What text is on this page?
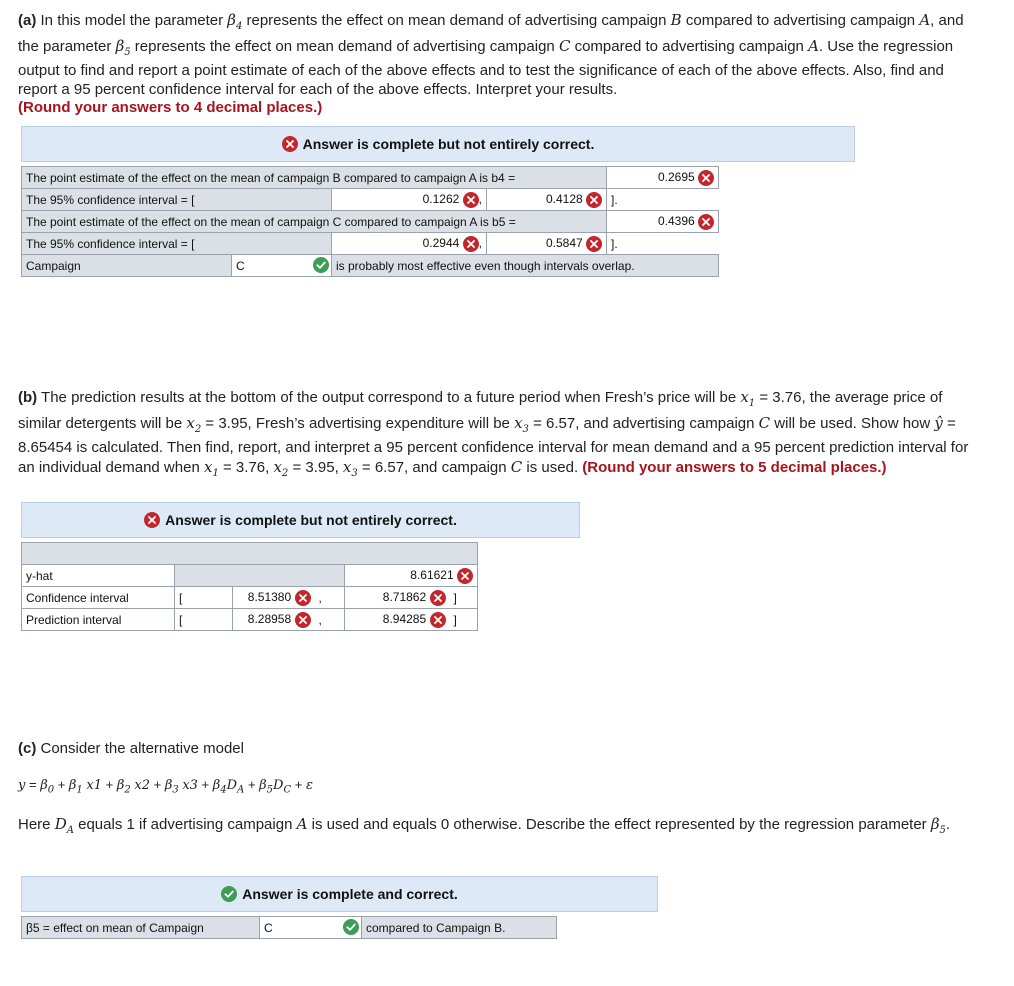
(a) In this model the parameter $\beta_4$ represents the effect on mean demand of advertising campaign B compared to advertising campaign A, and the parameter $\beta_5$ represents the effect on mean demand of advertising campaign C compared to advertising campaign A. Use the regression output to find and report a point estimate of each of the above effects and to test the significance of each of the above effects. Also, find and report a 95 percent confidence interval for each of the above effects. Interpret your results.
(Round your answers to 4 decimal places.)
Answer is complete but not entirely correct.
The point estimate of the effect on the mean of campaign B compared to campaign A is b4 =				0.2695

The 95% confidence interval = [		0.1262 ,	0.4128	].
The point estimate of the effect on the mean of campaign C compared to campaign A is b5 =				0.4396

The 95% confidence interval = [		0.2944 ,	0.5847	].
Campaign	C	is probably most effective even though intervals overlap.		
(b) The prediction results at the bottom of the output correspond to a future period when Fresh’s price will be $x_1 = 3.76$, the average price of similar detergents will be $x_2 = 3.95$, Fresh’s advertising expenditure will be $x_3 = 6.57$, and advertising campaign C will be used. Show how ŷ = 8.65454 is calculated. Then find, report, and interpret a 95 percent confidence interval for mean demand and a 95 percent prediction interval for an individual demand when $x_1 = 3.76$, $x_2 = 3.95$, $x_3 = 6.57$, and campaign C is used. (Round your answers to 5 decimal places.)
Answer is complete but not entirely correct.

y-hat				8.61621	

Confidence interval	[	8.51380	,	8.71862	]
Prediction interval	[	8.28958	,	8.94285	]
(c) Consider the alternative model
$y = \beta_0 + \beta_1$ $x1 + \beta_2$ $x2 + \beta_3$ $x3 + \beta_4D_A + \beta_5D_C + \varepsilon$
Here $D_A$ equals 1 if advertising campaign A is used and equals 0 otherwise. Describe the effect represented by the regression parameter $\beta_5$.
Answer is complete and correct.
β5 = effect on mean of Campaign	C	compared to Campaign B.
